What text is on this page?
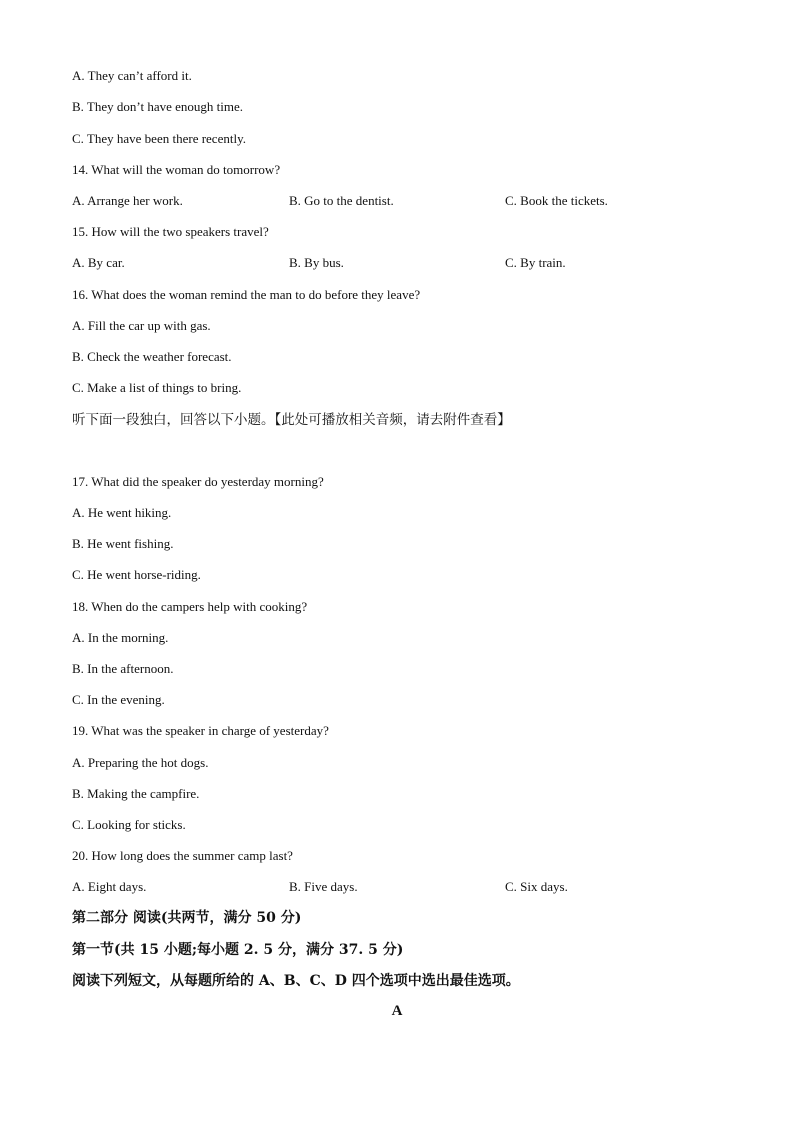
A. They can’t afford it.
B. They don’t have enough time.
C. They have been there recently.
14. What will the woman do tomorrow?
A. Arrange her work.	B. Go to the dentist.	C. Book the tickets.
15. How will the two speakers travel?
A. By car.	B. By bus.	C. By train.
16. What does the woman remind the man to do before they leave?
A. Fill the car up with gas.
B. Check the weather forecast.
C. Make a list of things to bring.
听下面一段独白，回答以下小题。【此处可播放相关音频，请去附件查看】
17. What did the speaker do yesterday morning?
A. He went hiking.
B. He went fishing.
C. He went horse-riding.
18. When do the campers help with cooking?
A. In the morning.
B. In the afternoon.
C. In the evening.
19. What was the speaker in charge of yesterday?
A. Preparing the hot dogs.
B. Making the campfire.
C. Looking for sticks.
20. How long does the summer camp last?
A. Eight days.	B. Five days.	C. Six days.
第二部分 阅读(共两节，满分 50 分)
第一节(共 15 小题;每小题 2. 5 分，满分 37. 5 分)
阅读下列短文，从每题所给的 A、B、C、D 四个选项中选出最佳选项。
A
